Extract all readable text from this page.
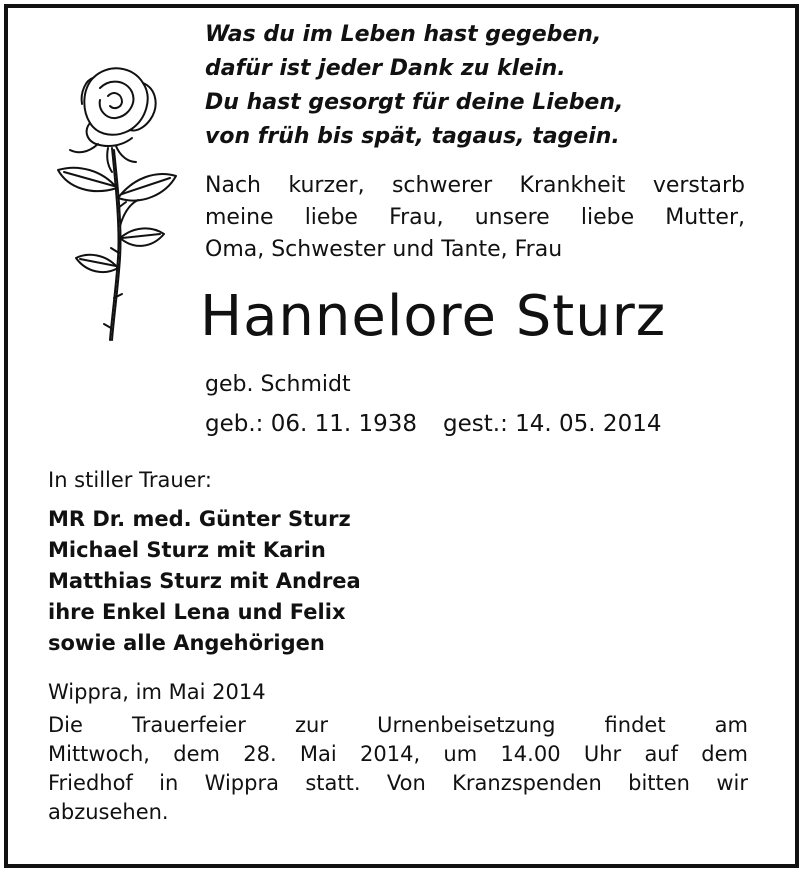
Was du im Leben hast gegeben,
dafür ist jeder Dank zu klein.
Du hast gesorgt für deine Lieben,
von früh bis spät, tagaus, tagein.
Nach kurzer, schwerer Krankheit verstarb
meine liebe Frau, unsere liebe Mutter,
Oma, Schwester und Tante, Frau
Hannelore Sturz
geb. Schmidt
geb.: 06. 11. 1938 gest.: 14. 05. 2014
In stiller Trauer:
MR Dr. med. Günter Sturz
Michael Sturz mit Karin
Matthias Sturz mit Andrea
ihre Enkel Lena und Felix
sowie alle Angehörigen
Wippra, im Mai 2014
Die Trauerfeier zur Urnenbeisetzung findet am
Mittwoch, dem 28. Mai 2014, um 14.00 Uhr auf dem
Friedhof in Wippra statt. Von Kranzspenden bitten wir
abzusehen.
